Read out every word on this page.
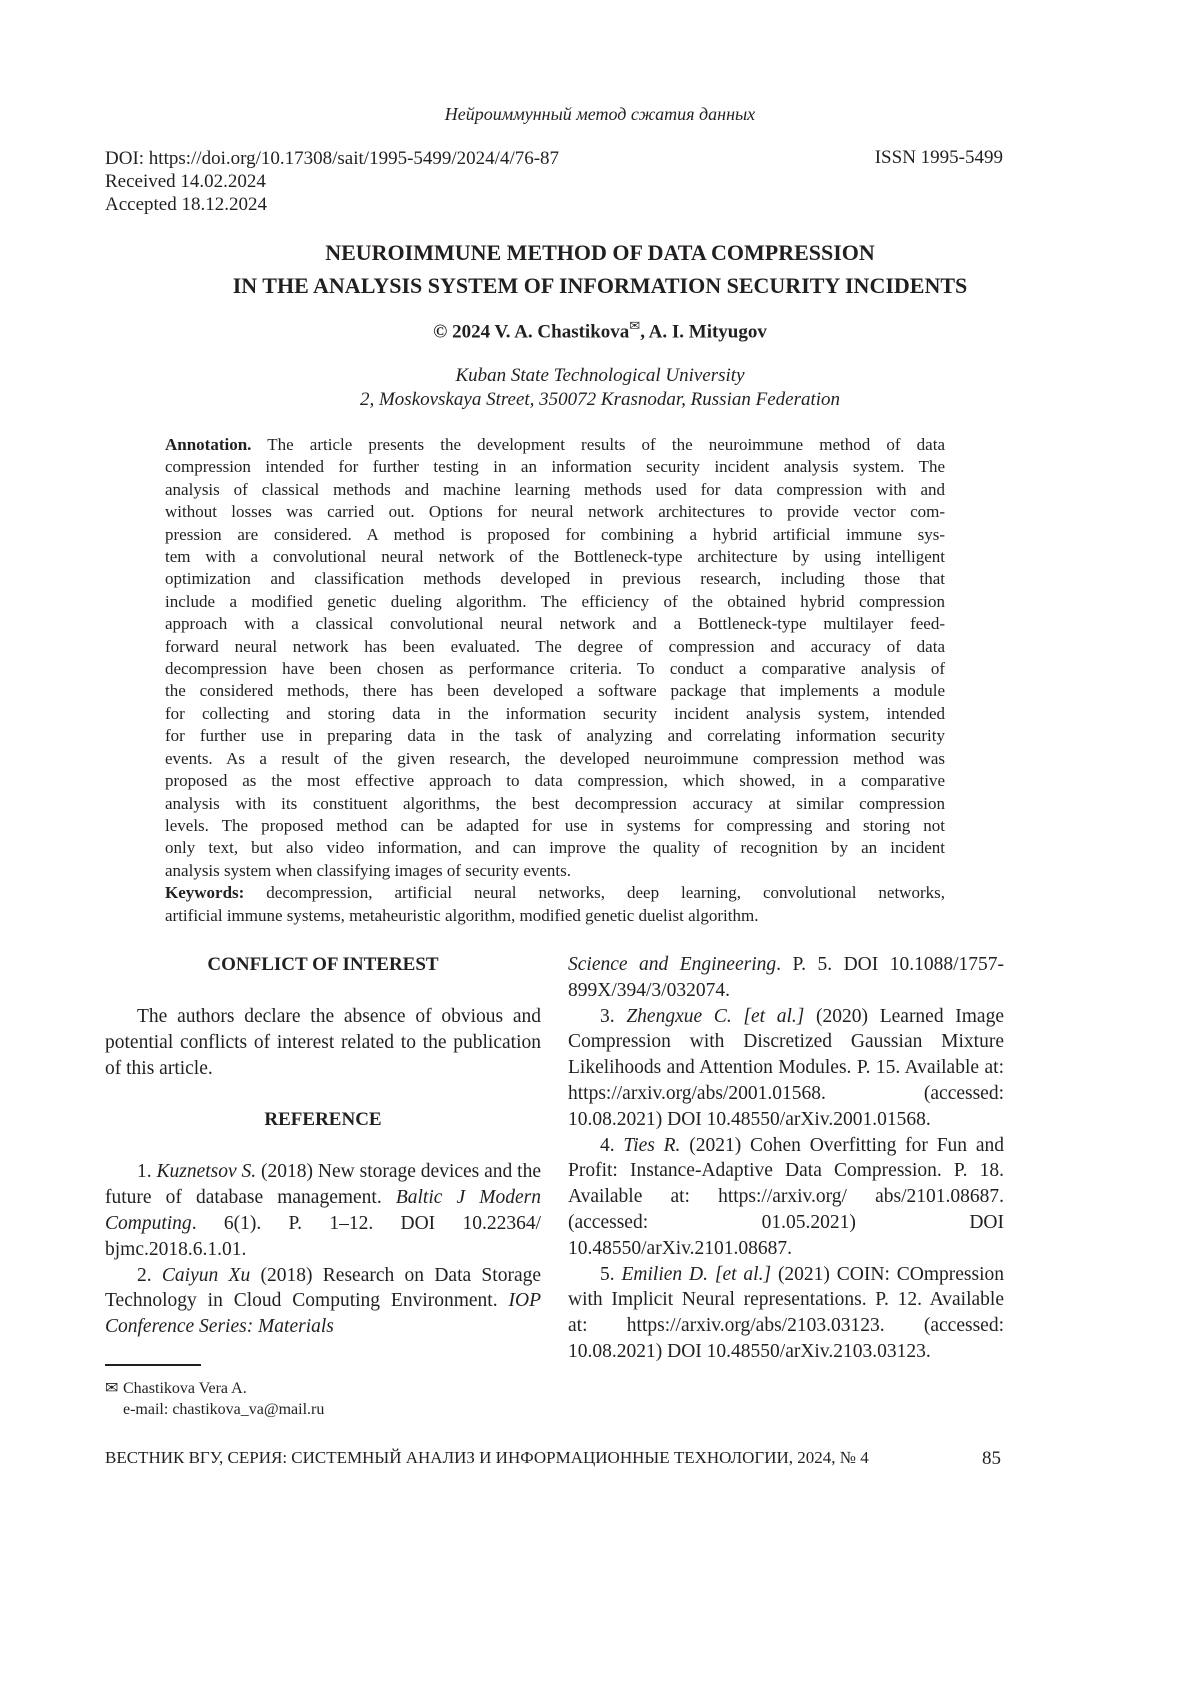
Нейроиммунный метод сжатия данных
DOI: https://doi.org/10.17308/sait/1995-5499/2024/4/76-87
Received 14.02.2024
Accepted 18.12.2024
ISSN 1995-5499
NEUROIMMUNE METHOD OF DATA COMPRESSION
IN THE ANALYSIS SYSTEM OF INFORMATION SECURITY INCIDENTS
© 2024 V. A. Chastikova✉, A. I. Mityugov
Kuban State Technological University
2, Moskovskaya Street, 350072 Krasnodar, Russian Federation
Annotation. The article presents the development results of the neuroimmune method of data
compression intended for further testing in an information security incident analysis system. The
analysis of classical methods and machine learning methods used for data compression with and
without losses was carried out. Options for neural network architectures to provide vector com-
pression are considered. A method is proposed for combining a hybrid artificial immune sys-
tem with a convolutional neural network of the Bottleneck-type architecture by using intelligent
optimization and classification methods developed in previous research, including those that
include a modified genetic dueling algorithm. The efficiency of the obtained hybrid compression
approach with a classical convolutional neural network and a Bottleneck-type multilayer feed-
forward neural network has been evaluated. The degree of compression and accuracy of data
decompression have been chosen as performance criteria. To conduct a comparative analysis of
the considered methods, there has been developed a software package that implements a module
for collecting and storing data in the information security incident analysis system, intended
for further use in preparing data in the task of analyzing and correlating information security
events. As a result of the given research, the developed neuroimmune compression method was
proposed as the most effective approach to data compression, which showed, in a comparative
analysis with its constituent algorithms, the best decompression accuracy at similar compression
levels. The proposed method can be adapted for use in systems for compressing and storing not
only text, but also video information, and can improve the quality of recognition by an incident
analysis system when classifying images of security events.
Keywords: decompression, artificial neural networks, deep learning, convolutional networks,
artificial immune systems, metaheuristic algorithm, modified genetic duelist algorithm.
CONFLICT OF INTEREST

The authors declare the absence of obvious and potential conflicts of interest related to the publication of this article.

REFERENCE

1. Kuznetsov S. (2018) New storage devices and the future of database management. Baltic J Modern Computing. 6(1). P. 1–12. DOI 10.22364/ bjmc.2018.6.1.01.

2. Caiyun Xu (2018) Research on Data Storage Technology in Cloud Computing En­vironment. IOP Conference Series: Materials

Science and Engineering. P. 5. DOI 10.1088/1757-899X/394/3/032074.

3. Zhengxue C. [et al.] (2020) Learned Image Compression with Discretized Gaussian Mix­ture Likelihoods and Attention Modules. P. 15. Available at: https://arxiv.org/abs/2001.01568. (accessed: 10.08.2021) DOI 10.48550/arX­iv.2001.01568.

4. Ties R. (2021) Cohen Overfitting for Fun and Profit: Instance-Adaptive Data Com­pression. P. 18. Available at: https://arxiv.org/ abs/2101.08687. (accessed: 01.05.2021) DOI 10.48550/arXiv.2101.08687.

5. Emilien D. [et al.] (2021) COIN: COmpres­sion with Implicit Neural representations. P. 12. Available at: https://arxiv.org/abs/2103.03123. (accessed: 10.08.2021) DOI 10.48550/arX­iv.2103.03123.

✉ Chastikova Vera A.
e-mail: chastikova_va@mail.ru
ВЕСТНИК ВГУ, СЕРИЯ: СИСТЕМНЫЙ АНАЛИЗ И ИНФОРМАЦИОННЫЕ ТЕХНОЛОГИИ, 2024, № 4	85
